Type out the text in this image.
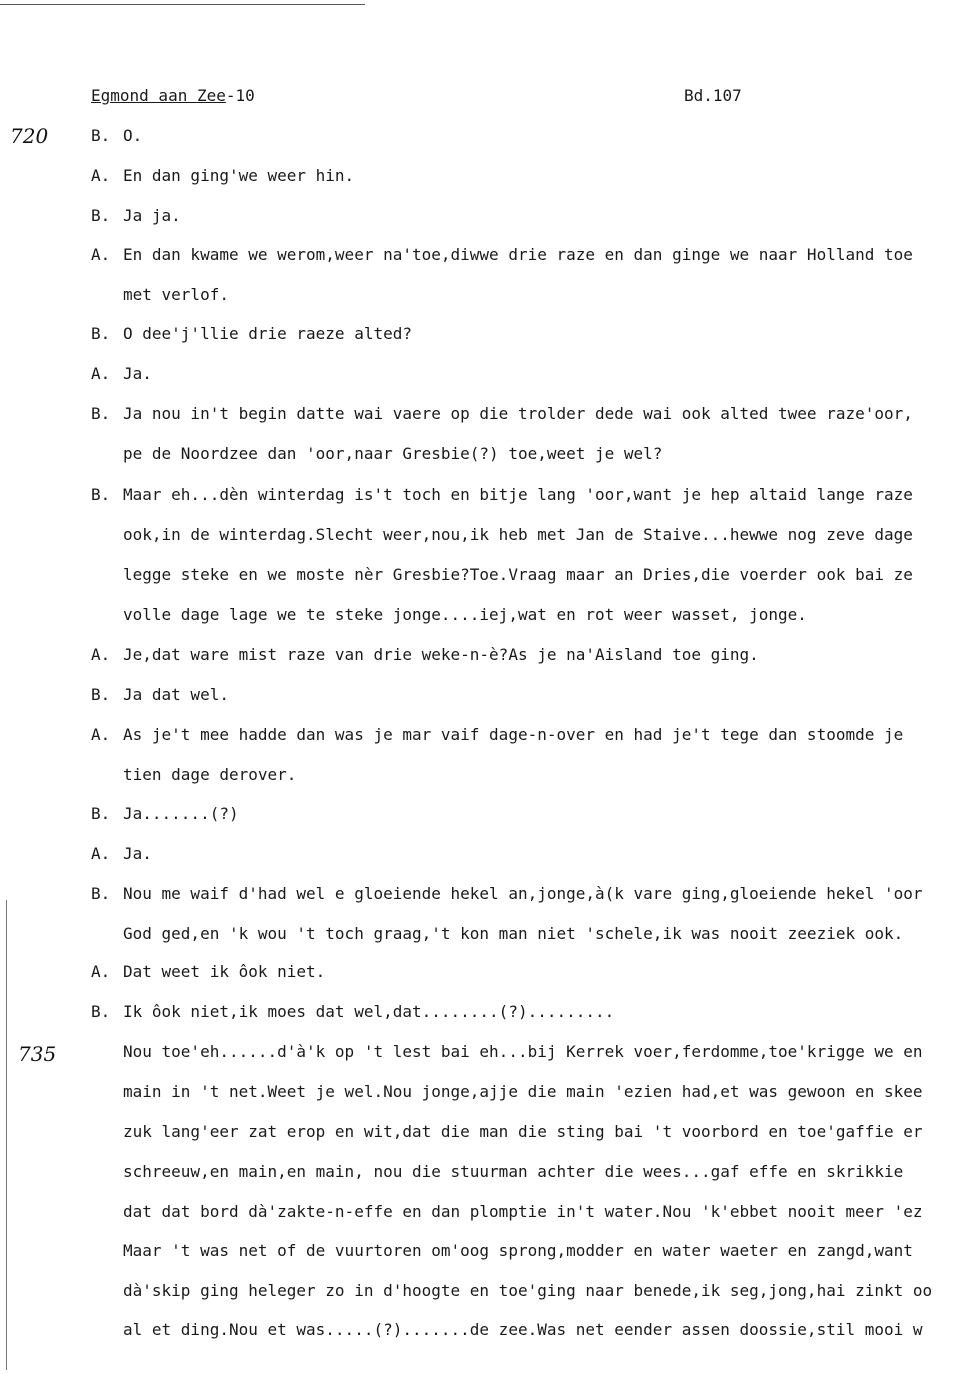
Egmond aan Zee-10	Bd.107
720
735
B. O.
A. En dan ging'we weer hin.
B. Ja ja.
A. En dan kwame we werom,weer na'toe,diwwe drie raze en dan ginge we naar Holland toe
met verlof.
B. O dee'j'llie drie raeze alted?
A. Ja.
B. Ja nou in't begin datte wai vaere op die trolder dede wai ook alted twee raze'oor,
pe de Noordzee dan 'oor,naar Gresbie(?) toe,weet je wel?
B. Maar eh...dèn winterdag is't toch en bitje lang 'oor,want je hep altaid lange raze
ook,in de winterdag.Slecht weer,nou,ik heb met Jan de Staive...hewwe nog zeve dage
legge steke en we moste nèr Gresbie?Toe.Vraag maar an Dries,die voerder ook bai ze
volle dage lage we te steke jonge....iej,wat en rot weer wasset, jonge.
A. Je,dat ware mist raze van drie weke-n-è?As je na'Aisland toe ging.
B. Ja dat wel.
A. As je't mee hadde dan was je mar vaif dage-n-over en had je't tege dan stoomde je
tien dage derover.
B. Ja.......(?)
A. Ja.
B. Nou me waif d'had wel e gloeiende hekel an,jonge,à(k vare ging,gloeiende hekel 'oor
God ged,en 'k wou 't toch graag,'t kon man niet 'schele,ik was nooit zeeziek ook.
A. Dat weet ik ôok niet.
B. Ik ôok niet,ik moes dat wel,dat........(?).........
Nou toe'eh......d'à'k op 't lest bai eh...bij Kerrek voer,ferdomme,toe'krigge we en
main in 't net.Weet je wel.Nou jonge,ajje die main 'ezien had,et was gewoon en skee
zuk lang'eer zat erop en wit,dat die man die sting bai 't voorbord en toe'gaffie er
schreeuw,en main,en main, nou die stuurman achter die wees...gaf effe en skrikkie
dat dat bord dà'zakte-n-effe en dan plomptie in't water.Nou 'k'ebbet nooit meer 'ez
Maar 't was net of de vuurtoren om'oog sprong,modder en water waeter en zangd,want
dà'skip ging heleger zo in d'hoogte en toe'ging naar benede,ik seg,jong,hai zinkt oo
al et ding.Nou et was.....(?).......de zee.Was net eender assen doossie,stil mooi w
